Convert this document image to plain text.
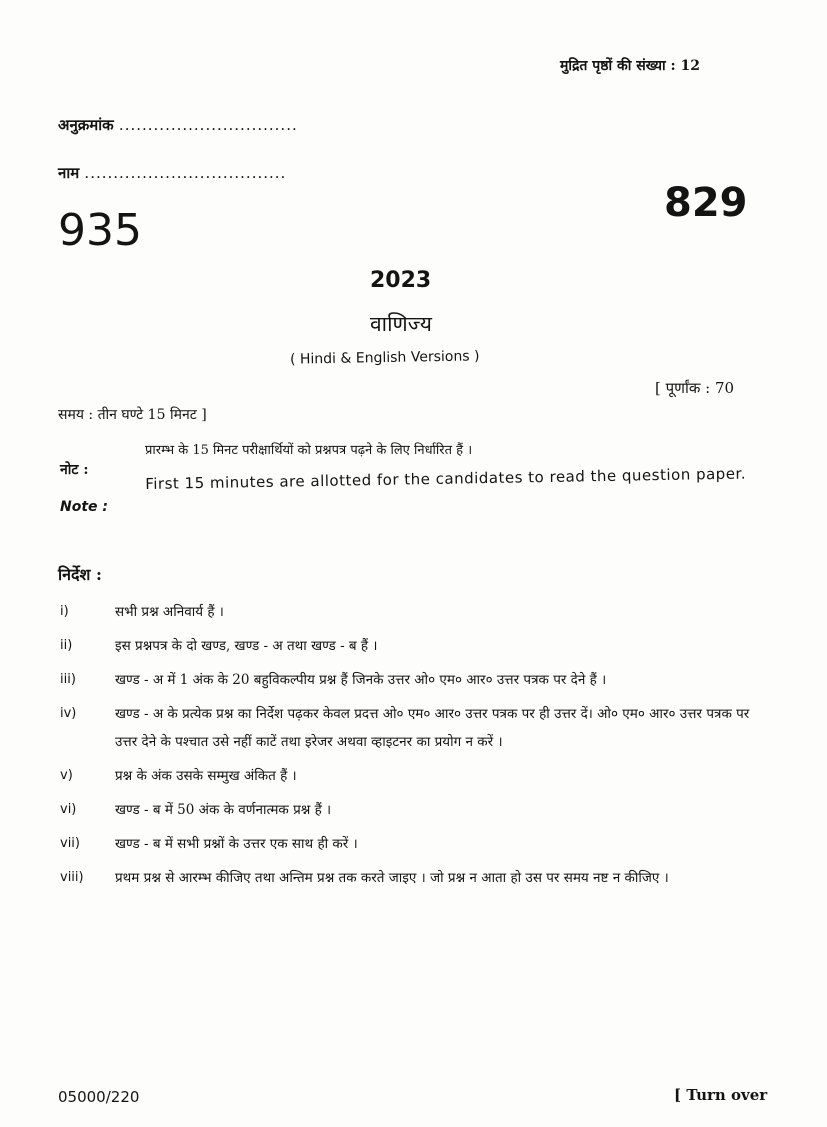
मुद्रित पृष्ठों की संख्या : 12
अनुक्रमांक ...............................
नाम ...................................
829
935
2023
वाणिज्य
( Hindi & English Versions )
[ पूर्णांक : 70
समय : तीन घण्टे 15 मिनट ]
नोट :
प्रारम्भ के 15 मिनट परीक्षार्थियों को प्रश्नपत्र पढ़ने के लिए निर्धारित हैं ।
Note :
First 15 minutes are allotted for the candidates to read the question paper.
निर्देश :
i)	सभी प्रश्न अनिवार्य हैं ।
ii)	इस प्रश्नपत्र के दो खण्ड, खण्ड - अ तथा खण्ड - ब हैं ।
iii)	खण्ड - अ में 1 अंक के 20 बहुविकल्पीय प्रश्न हैं जिनके उत्तर ओ० एम० आर० उत्तर पत्रक पर देने हैं ।
iv)	खण्ड - अ के प्रत्येक प्रश्न का निर्देश पढ़कर केवल प्रदत्त ओ० एम० आर० उत्तर पत्रक पर ही उत्तर दें। ओ० एम० आर० उत्तर पत्रक पर उत्तर देने के पश्चात उसे नहीं काटें तथा इरेजर अथवा व्हाइटनर का प्रयोग न करें ।
v)	प्रश्न के अंक उसके सम्मुख अंकित हैं ।
vi)	खण्ड - ब में 50 अंक के वर्णनात्मक प्रश्न हैं ।
vii)	खण्ड - ब में सभी प्रश्नों के उत्तर एक साथ ही करें ।
viii)	प्रथम प्रश्न से आरम्भ कीजिए तथा अन्तिम प्रश्न तक करते जाइए । जो प्रश्न न आता हो उस पर समय नष्ट न कीजिए ।
05000/220	[ Turn over
